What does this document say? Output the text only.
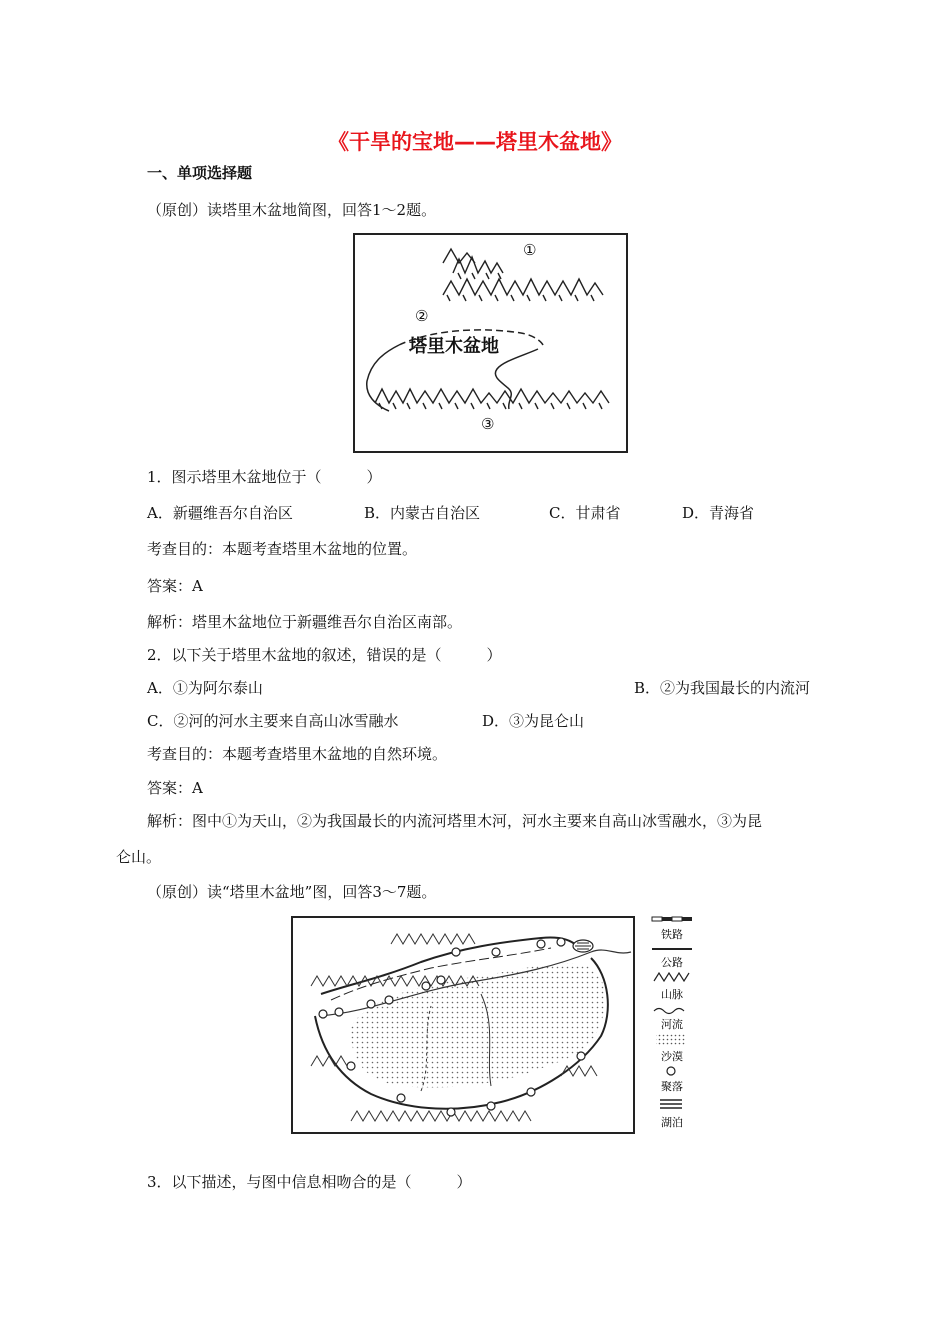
《干旱的宝地——塔里木盆地》
一、单项选择题
（原创）读塔里木盆地简图，回答1～2题。
塔里木盆地
①
②
③
1．图示塔里木盆地位于（　　　）
A．新疆维吾尔自治区	B．内蒙古自治区	C．甘肃省	D．青海省
考查目的：本题考查塔里木盆地的位置。
答案：A
解析：塔里木盆地位于新疆维吾尔自治区南部。
2．以下关于塔里木盆地的叙述，错误的是（　　　）
A．①为阿尔泰山	B．②为我国最长的内流河
C．②河的河水主要来自高山冰雪融水	D．③为昆仑山
考查目的：本题考查塔里木盆地的自然环境。
答案：A
解析：图中①为天山，②为我国最长的内流河塔里木河，河水主要来自高山冰雪融水，③为昆
仑山。
（原创）读“塔里木盆地”图，回答3～7题。
铁路
公路
山脉
河流
沙漠
聚落
湖泊
3．以下描述，与图中信息相吻合的是（　　　）
